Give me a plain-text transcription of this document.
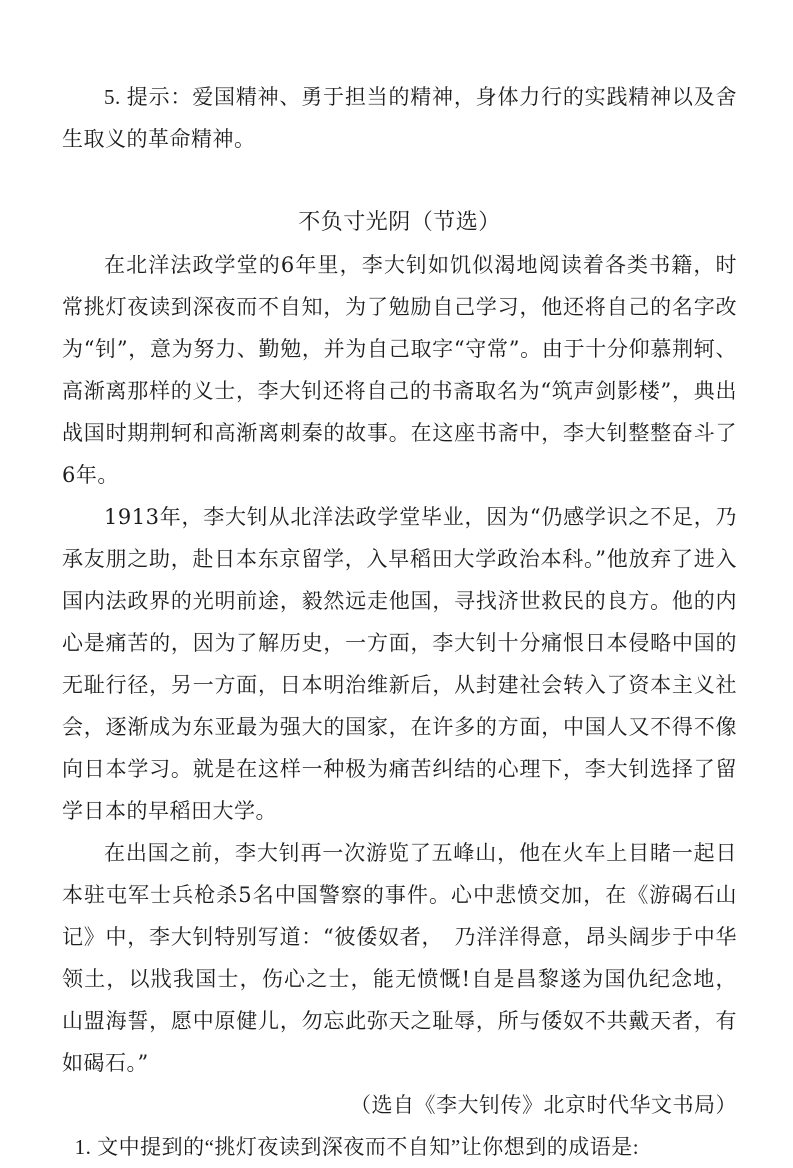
5. 提示：爱国精神、勇于担当的精神，身体力行的实践精神以及舍生取义的革命精神。

不负寸光阴（节选）

在北洋法政学堂的6年里，李大钊如饥似渴地阅读着各类书籍，时常挑灯夜读到深夜而不自知，为了勉励自己学习，他还将自己的名字改为“钊”，意为努力、勤勉，并为自己取字“守常”。由于十分仰慕荆轲、高渐离那样的义士，李大钊还将自己的书斋取名为“筑声剑影楼”，典出战国时期荆轲和高渐离刺秦的故事。在这座书斋中，李大钊整整奋斗了6年。

1913年，李大钊从北洋法政学堂毕业，因为“仍感学识之不足，乃承友朋之助，赴日本东京留学，入早稻田大学政治本科。”他放弃了进入国内法政界的光明前途，毅然远走他国，寻找济世救民的良方。他的内心是痛苦的，因为了解历史，一方面，李大钊十分痛恨日本侵略中国的无耻行径，另一方面，日本明治维新后，从封建社会转入了资本主义社会，逐渐成为东亚最为强大的国家，在许多的方面，中国人又不得不像向日本学习。就是在这样一种极为痛苦纠结的心理下，李大钊选择了留学日本的早稻田大学。

在出国之前，李大钊再一次游览了五峰山，他在火车上目睹一起日本驻屯军士兵枪杀5名中国警察的事件。心中悲愤交加，在《游碣石山记》中，李大钊特别写道：“彼倭奴者，　乃洋洋得意，昂头阔步于中华领土，以戕我国士，伤心之士，能无愤慨!自是昌黎遂为国仇纪念地，山盟海誓，愿中原健儿，勿忘此弥天之耻辱，所与倭奴不共戴天者，有如碣石。”

（选自《李大钊传》北京时代华文书局）

1. 文中提到的“挑灯夜读到深夜而不自知”让你想到的成语是:
